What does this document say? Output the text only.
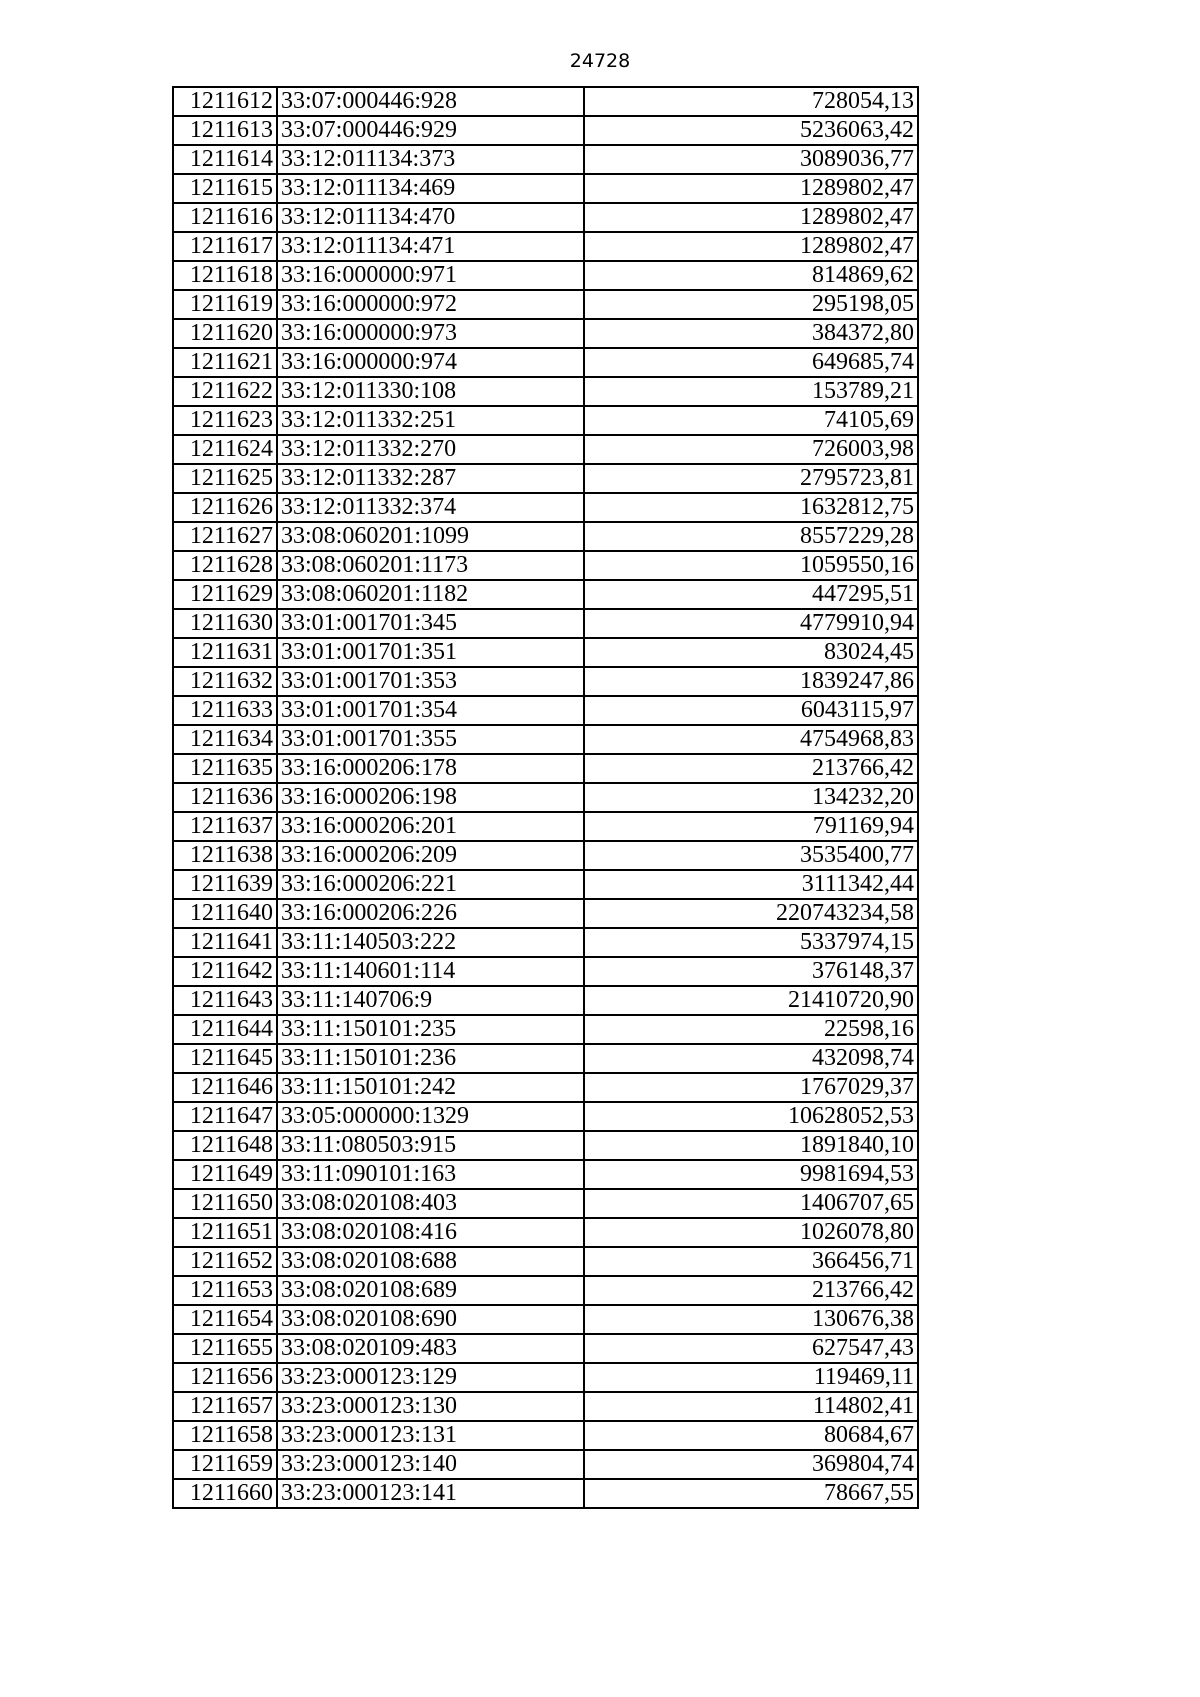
24728
1211612	33:07:000446:928	728054,13
1211613	33:07:000446:929	5236063,42
1211614	33:12:011134:373	3089036,77
1211615	33:12:011134:469	1289802,47
1211616	33:12:011134:470	1289802,47
1211617	33:12:011134:471	1289802,47
1211618	33:16:000000:971	814869,62
1211619	33:16:000000:972	295198,05
1211620	33:16:000000:973	384372,80
1211621	33:16:000000:974	649685,74
1211622	33:12:011330:108	153789,21
1211623	33:12:011332:251	74105,69
1211624	33:12:011332:270	726003,98
1211625	33:12:011332:287	2795723,81
1211626	33:12:011332:374	1632812,75
1211627	33:08:060201:1099	8557229,28
1211628	33:08:060201:1173	1059550,16
1211629	33:08:060201:1182	447295,51
1211630	33:01:001701:345	4779910,94
1211631	33:01:001701:351	83024,45
1211632	33:01:001701:353	1839247,86
1211633	33:01:001701:354	6043115,97
1211634	33:01:001701:355	4754968,83
1211635	33:16:000206:178	213766,42
1211636	33:16:000206:198	134232,20
1211637	33:16:000206:201	791169,94
1211638	33:16:000206:209	3535400,77
1211639	33:16:000206:221	3111342,44
1211640	33:16:000206:226	220743234,58
1211641	33:11:140503:222	5337974,15
1211642	33:11:140601:114	376148,37
1211643	33:11:140706:9	21410720,90
1211644	33:11:150101:235	22598,16
1211645	33:11:150101:236	432098,74
1211646	33:11:150101:242	1767029,37
1211647	33:05:000000:1329	10628052,53
1211648	33:11:080503:915	1891840,10
1211649	33:11:090101:163	9981694,53
1211650	33:08:020108:403	1406707,65
1211651	33:08:020108:416	1026078,80
1211652	33:08:020108:688	366456,71
1211653	33:08:020108:689	213766,42
1211654	33:08:020108:690	130676,38
1211655	33:08:020109:483	627547,43
1211656	33:23:000123:129	119469,11
1211657	33:23:000123:130	114802,41
1211658	33:23:000123:131	80684,67
1211659	33:23:000123:140	369804,74
1211660	33:23:000123:141	78667,55
